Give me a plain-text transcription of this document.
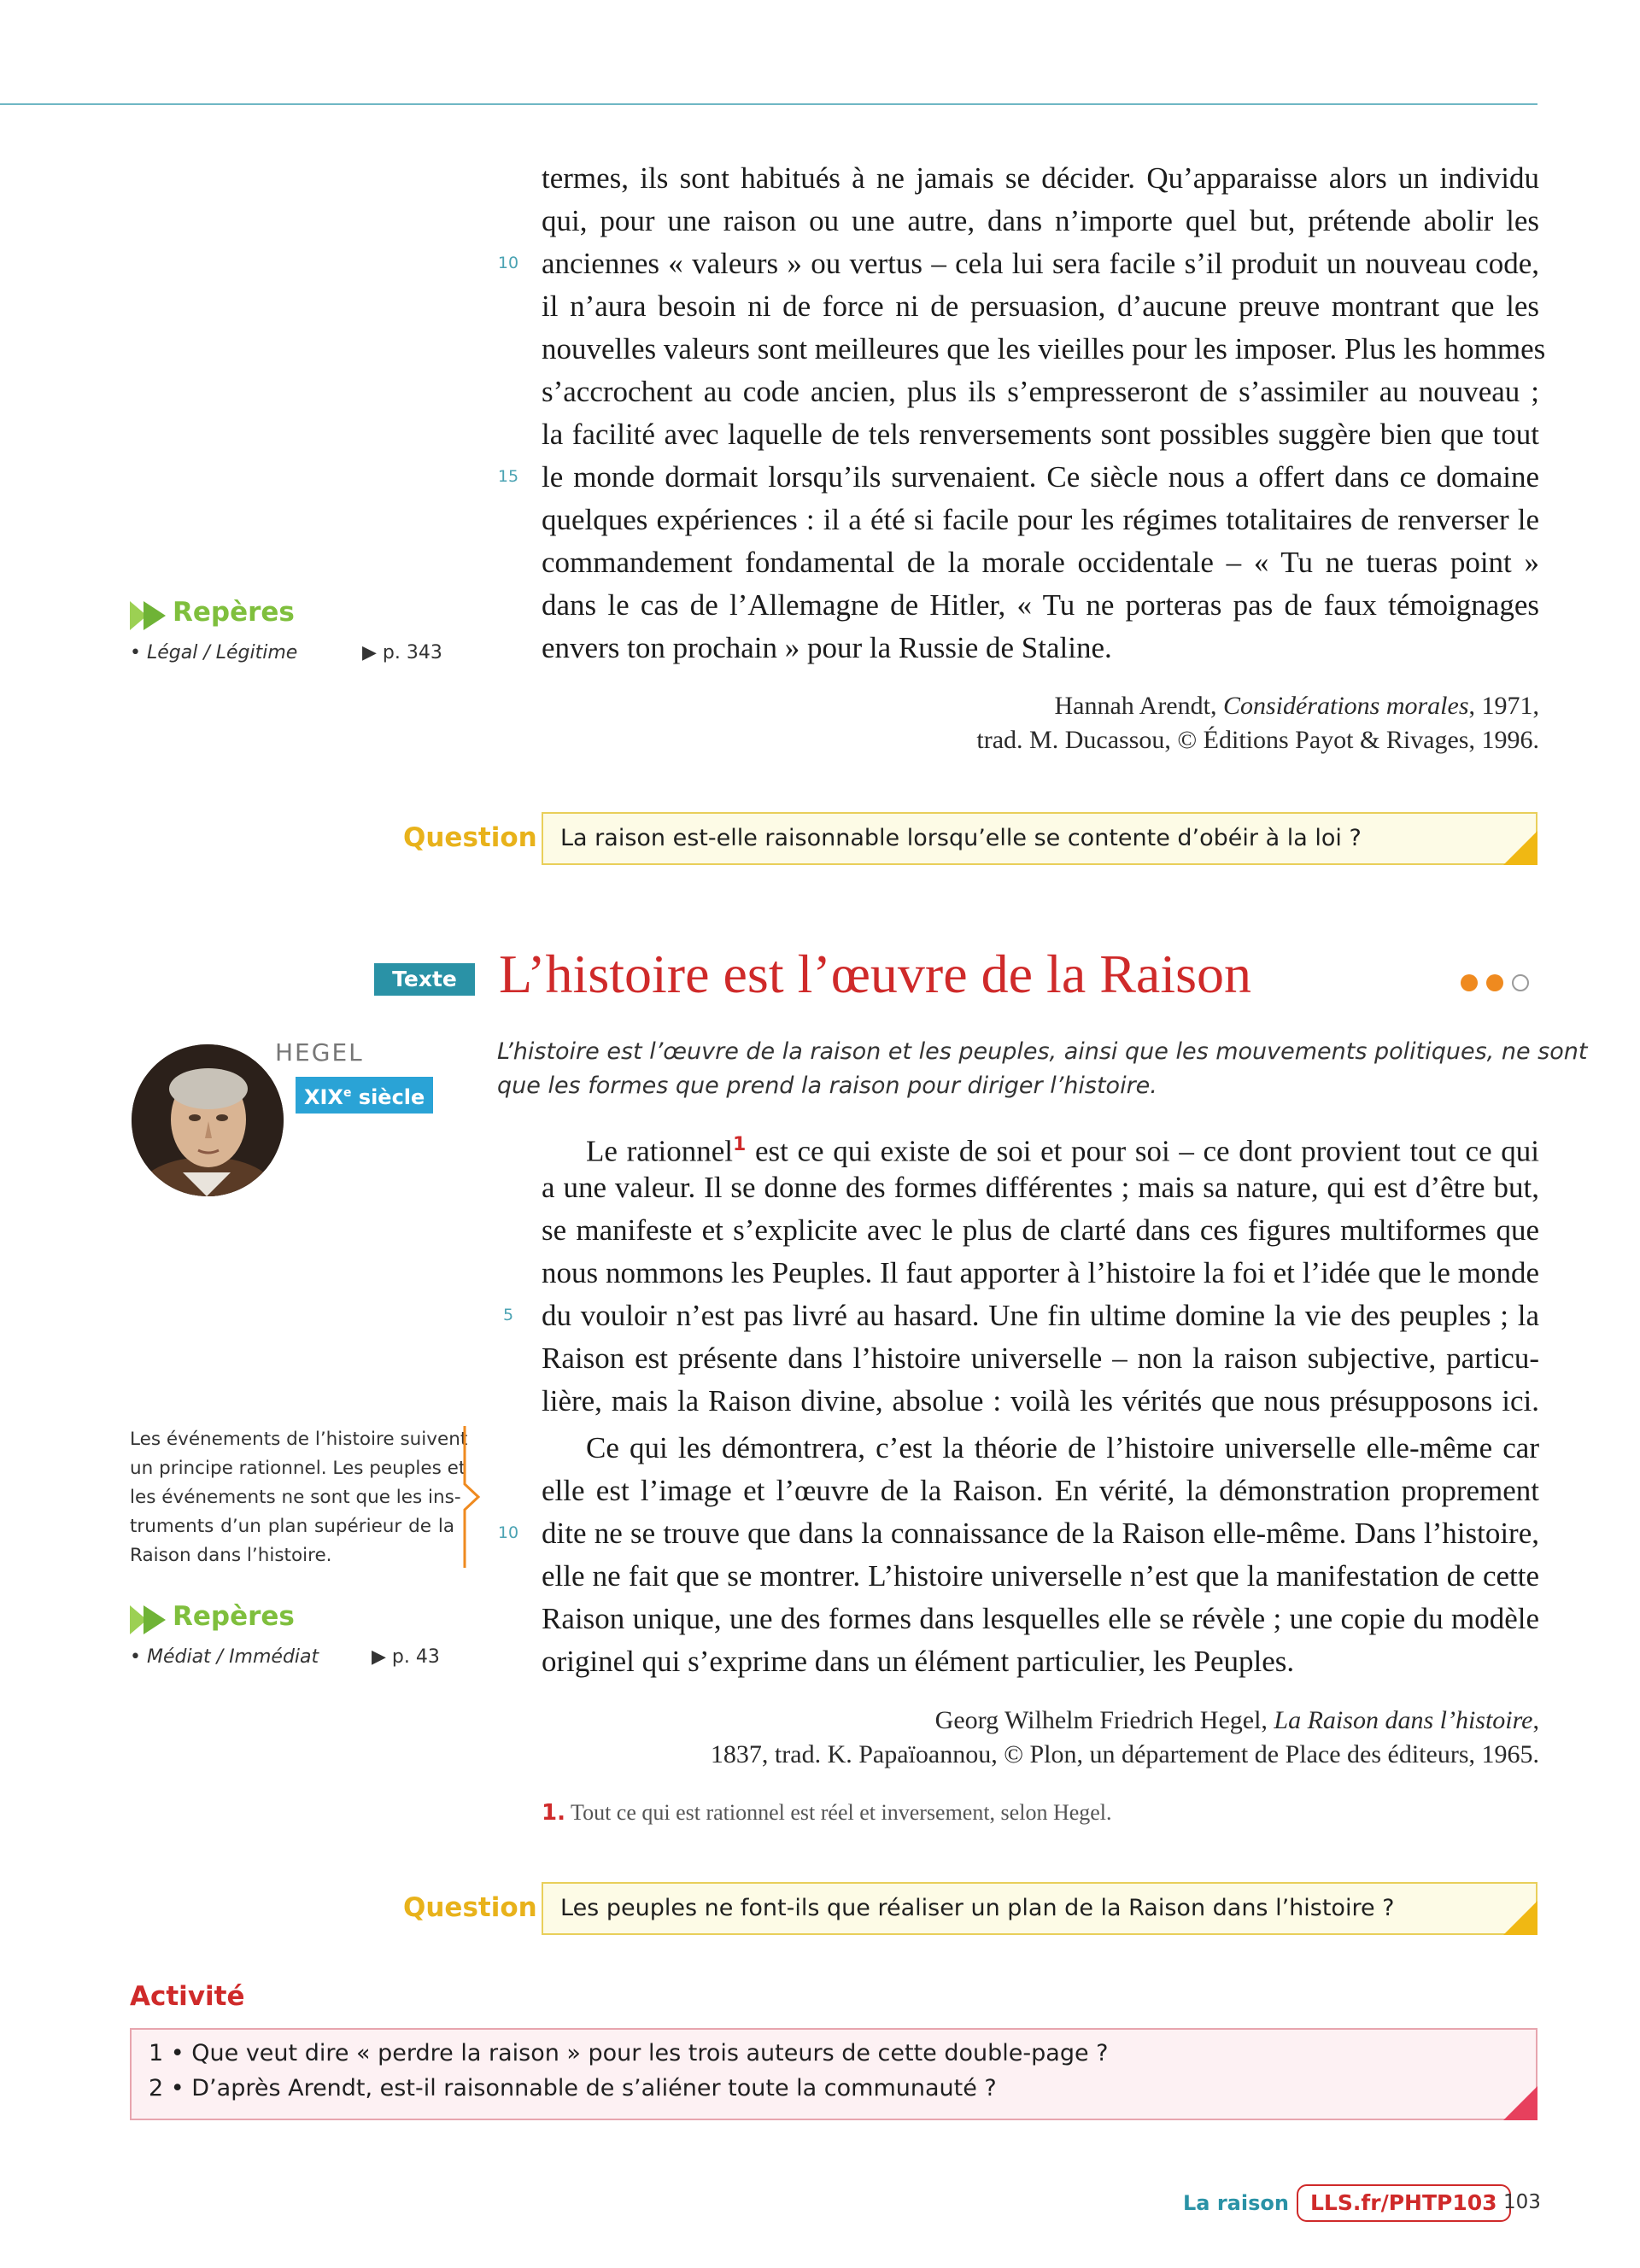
termes, ils sont habitués à ne jamais se décider. Qu’apparaisse alors un individu
qui, pour une raison ou une autre, dans n’importe quel but, prétende abolir les
anciennes « valeurs » ou vertus – cela lui sera facile s’il produit un nouveau code,
il n’aura besoin ni de force ni de persuasion, d’aucune preuve montrant que les
nouvelles valeurs sont meilleures que les vieilles pour les imposer. Plus les hommes
s’accrochent au code ancien, plus ils s’empresseront de s’assimiler au nouveau ;
la facilité avec laquelle de tels renversements sont possibles suggère bien que tout
le monde dormait lorsqu’ils survenaient. Ce siècle nous a offert dans ce domaine
quelques expériences : il a été si facile pour les régimes totalitaires de renverser le
commandement fondamental de la morale occidentale – « Tu ne tueras point »
dans le cas de l’Allemagne de Hitler, « Tu ne porteras pas de faux témoignages
envers ton prochain » pour la Russie de Staline.
10
15
Hannah Arendt, Considérations morales, 1971,
trad. M. Ducassou, © Éditions Payot & Rivages, 1996.
Repères
• Légal / Légitime	▶ p. 343
Question	La raison est-elle raisonnable lorsqu’elle se contente d’obéir à la loi ?
Texte 10
L’histoire est l’œuvre de la Raison
HEGEL
XIXe siècle
L’histoire est l’œuvre de la raison et les peuples, ainsi que les mouvements politiques, ne sont
que les formes que prend la raison pour diriger l’histoire.
Le rationnel$^1$ est ce qui existe de soi et pour soi – ce dont provient tout ce qui
a une valeur. Il se donne des formes différentes ; mais sa nature, qui est d’être but,
se manifeste et s’explicite avec le plus de clarté dans ces figures multiformes que
nous nommons les Peuples. Il faut apporter à l’histoire la foi et l’idée que le monde
du vouloir n’est pas livré au hasard. Une fin ultime domine la vie des peuples ; la
Raison est présente dans l’histoire universelle – non la raison subjective, particu-
lière, mais la Raison divine, absolue : voilà les vérités que nous présupposons ici.
Ce qui les démontrera, c’est la théorie de l’histoire universelle elle-même car
elle est l’image et l’œuvre de la Raison. En vérité, la démonstration proprement
dite ne se trouve que dans la connaissance de la Raison elle-même. Dans l’histoire,
elle ne fait que se montrer. L’histoire universelle n’est que la manifestation de cette
Raison unique, une des formes dans lesquelles elle se révèle ; une copie du modèle
originel qui s’exprime dans un élément particulier, les Peuples.
5
10
Les événements de l’histoire suivent
un principe rationnel. Les peuples et
les événements ne sont que les ins-
truments d’un plan supérieur de la
Raison dans l’histoire.
Repères
• Médiat / Immédiat	▶ p. 43
Georg Wilhelm Friedrich Hegel, La Raison dans l’histoire,
1837, trad. K. Papaïoannou, © Plon, un département de Place des éditeurs, 1965.
1. Tout ce qui est rationnel est réel et inversement, selon Hegel.
Question	Les peuples ne font-ils que réaliser un plan de la Raison dans l’histoire ?
Activité
1 • Que veut dire « perdre la raison » pour les trois auteurs de cette double-page ?
2 • D’après Arendt, est-il raisonnable de s’aliéner toute la communauté ?
La raison	LLS.fr/PHTP103 103
